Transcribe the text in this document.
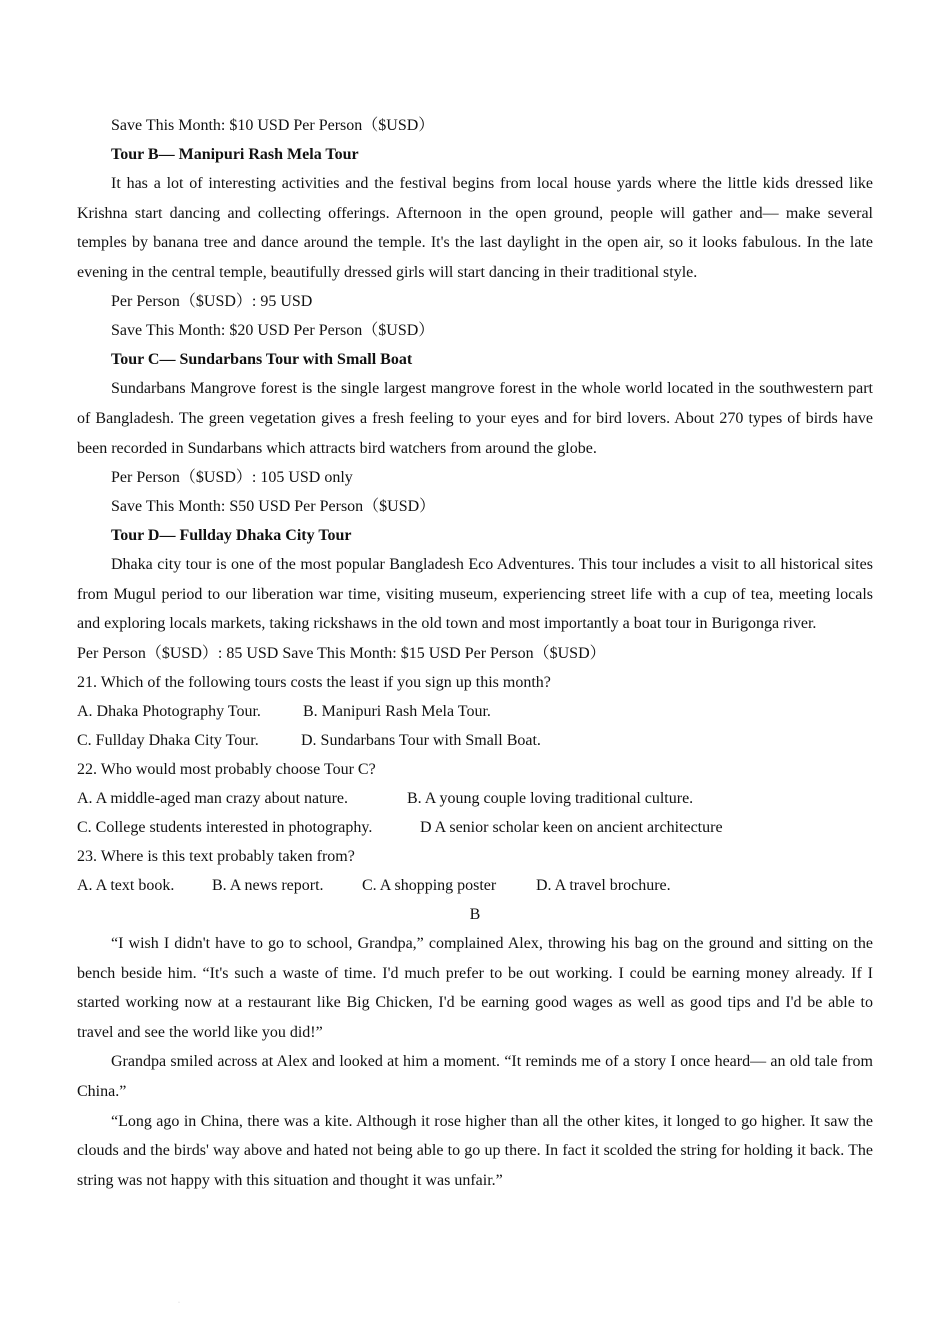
Save This Month: $10 USD Per Person（$USD）
Tour B— Manipuri Rash Mela Tour

It has a lot of interesting activities and the festival begins from local house yards where the little kids dressed like Krishna start dancing and collecting offerings. Afternoon in the open ground, people will gather and— make several temples by banana tree and dance around the temple. It's the last daylight in the open air, so it looks fabulous. In the late evening in the central temple, beautifully dressed girls will start dancing in their traditional style.

Per Person（$USD）: 95 USD
Save This Month: $20 USD Per Person（$USD）
Tour C— Sundarbans Tour with Small Boat

Sundarbans Mangrove forest is the single largest mangrove forest in the whole world located in the southwestern part of Bangladesh. The green vegetation gives a fresh feeling to your eyes and for bird lovers. About 270 types of birds have been recorded in Sundarbans which attracts bird watchers from around the globe.

Per Person（$USD）: 105 USD only
Save This Month: S50 USD Per Person（$USD）
Tour D— Fullday Dhaka City Tour

Dhaka city tour is one of the most popular Bangladesh Eco Adventures. This tour includes a visit to all historical sites from Mugul period to our liberation war time, visiting museum, experiencing street life with a cup of tea, meeting locals and exploring locals markets, taking rickshaws in the old town and most importantly a boat tour in Burigonga river.

Per Person（$USD）: 85 USD Save This Month: $15 USD Per Person（$USD）
21. Which of the following tours costs the least if you sign up this month?
A. Dhaka Photography Tour.	B. Manipuri Rash Mela Tour.
C. Fullday Dhaka City Tour.	D. Sundarbans Tour with Small Boat.
22. Who would most probably choose Tour C?
A. A middle-aged man crazy about nature.	B. A young couple loving traditional culture.
C. College students interested in photography.	D A senior scholar keen on ancient architecture
23. Where is this text probably taken from?
A. A text book. B. A news report. C. A shopping poster D. A travel brochure.
B

“I wish I didn't have to go to school, Grandpa,” complained Alex, throwing his bag on the ground and sitting on the bench beside him. “It's such a waste of time. I'd much prefer to be out working. I could be earning money already. If I started working now at a restaurant like Big Chicken, I'd be earning good wages as well as good tips and I'd be able to travel and see the world like you did!”

Grandpa smiled across at Alex and looked at him a moment. “It reminds me of a story I once heard— an old tale from China.”

“Long ago in China, there was a kite. Although it rose higher than all the other kites, it longed to go higher. It saw the clouds and the birds' way above and hated not being able to go up there. In fact it scolded the string for holding it back. The string was not happy with this situation and thought it was unfair.”

·
